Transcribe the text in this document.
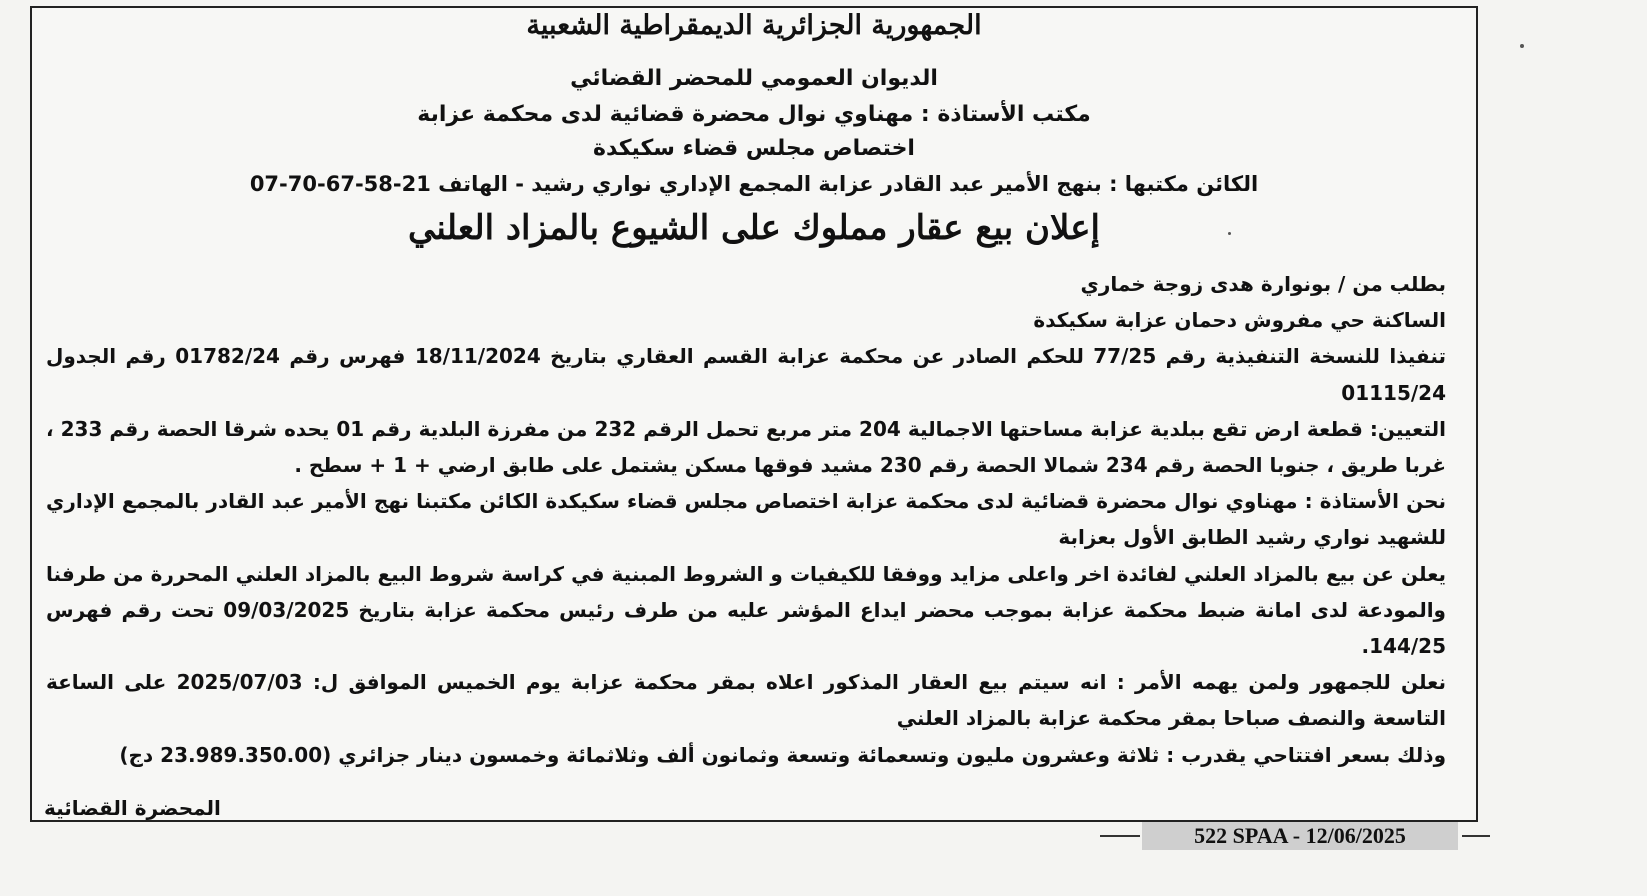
الجمهورية الجزائرية الديمقراطية الشعبية
الديوان العمومي للمحضر القضائي
مكتب الأستاذة : مهناوي نوال محضرة قضائية لدى محكمة عزابة
اختصاص مجلس قضاء سكيكدة
الكائن مكتبها : بنهج الأمير عبد القادر عزابة المجمع الإداري نواري رشيد - الهاتف 21-58-67-70-07
إعلان بيع عقار مملوك على الشيوع بالمزاد العلني

بطلب من / بونوارة هدى زوجة خماري

الساكنة حي مفروش دحمان عزابة سكيكدة

تنفيذا للنسخة التنفيذية رقم 77/25 للحكم الصادر عن محكمة عزابة القسم العقاري بتاريخ 18/11/2024 فهرس رقم 01782/24 رقم الجدول 01115/24

التعيين: قطعة ارض تقع ببلدية عزابة مساحتها الاجمالية 204 متر مربع تحمل الرقم 232 من مفرزة البلدية رقم 01 يحده شرقا الحصة رقم 233 ، غربا طريق ، جنوبا الحصة رقم 234 شمالا الحصة رقم 230 مشيد فوقها مسكن يشتمل على طابق ارضي + 1 + سطح .

نحن الأستاذة : مهناوي نوال محضرة قضائية لدى محكمة عزابة اختصاص مجلس قضاء سكيكدة الكائن مكتبنا نهج الأمير عبد القادر بالمجمع الإداري للشهيد نواري رشيد الطابق الأول بعزابة

يعلن عن بيع بالمزاد العلني لفائدة اخر واعلى مزايد ووفقا للكيفيات و الشروط المبنية في كراسة شروط البيع بالمزاد العلني المحررة من طرفنا والمودعة لدى امانة ضبط محكمة عزابة بموجب محضر ايداع المؤشر عليه من طرف رئيس محكمة عزابة بتاريخ 09/03/2025 تحت رقم فهرس 144/25.

نعلن للجمهور ولمن يهمه الأمر : انه سيتم بيع العقار المذكور اعلاه بمقر محكمة عزابة يوم الخميس الموافق ل: 2025/07/03 على الساعة التاسعة والنصف صباحا بمقر محكمة عزابة بالمزاد العلني

وذلك بسعر افتتاحي يقدرب : ثلاثة وعشرون مليون وتسعمائة وتسعة وثمانون ألف وثلاثمائة وخمسون دينار جزائري (23.989.350.00 دج)

المحضرة القضائية
522 SPAA - 12/06/2025
